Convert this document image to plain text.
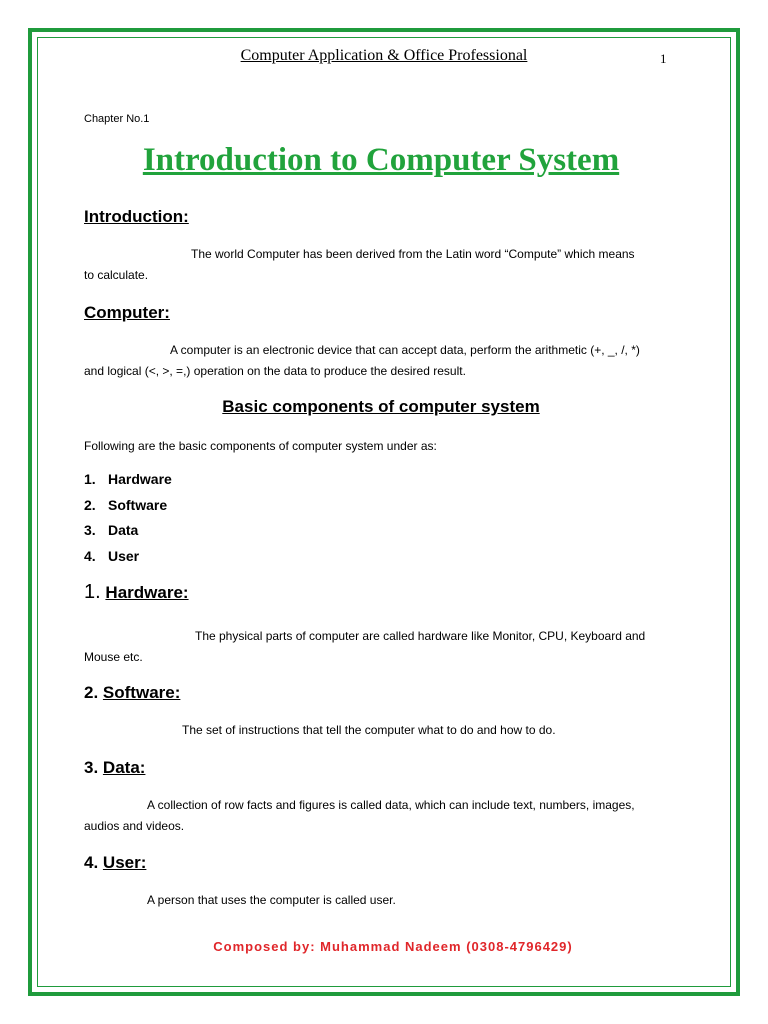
Computer Application & Office Professional	1

Chapter No.1

Introduction to Computer System

Introduction:

The world Computer has been derived from the Latin word “Compute” which means

to calculate.

Computer:

A computer is an electronic device that can accept data, perform the arithmetic (+, _, /, *)

and logical (<, >, =,) operation on the data to produce the desired result.

Basic components of computer system

Following are the basic components of computer system under as:

1. Hardware
2. Software
3. Data
4. User

1. Hardware:

The physical parts of computer are called hardware like Monitor, CPU, Keyboard and

Mouse etc.

2. Software:

The set of instructions that tell the computer what to do and how to do.

3. Data:

A collection of row facts and figures is called data, which can include text, numbers, images,

audios and videos.

4. User:

A person that uses the computer is called user.

Composed by: Muhammad Nadeem (0308-4796429)
